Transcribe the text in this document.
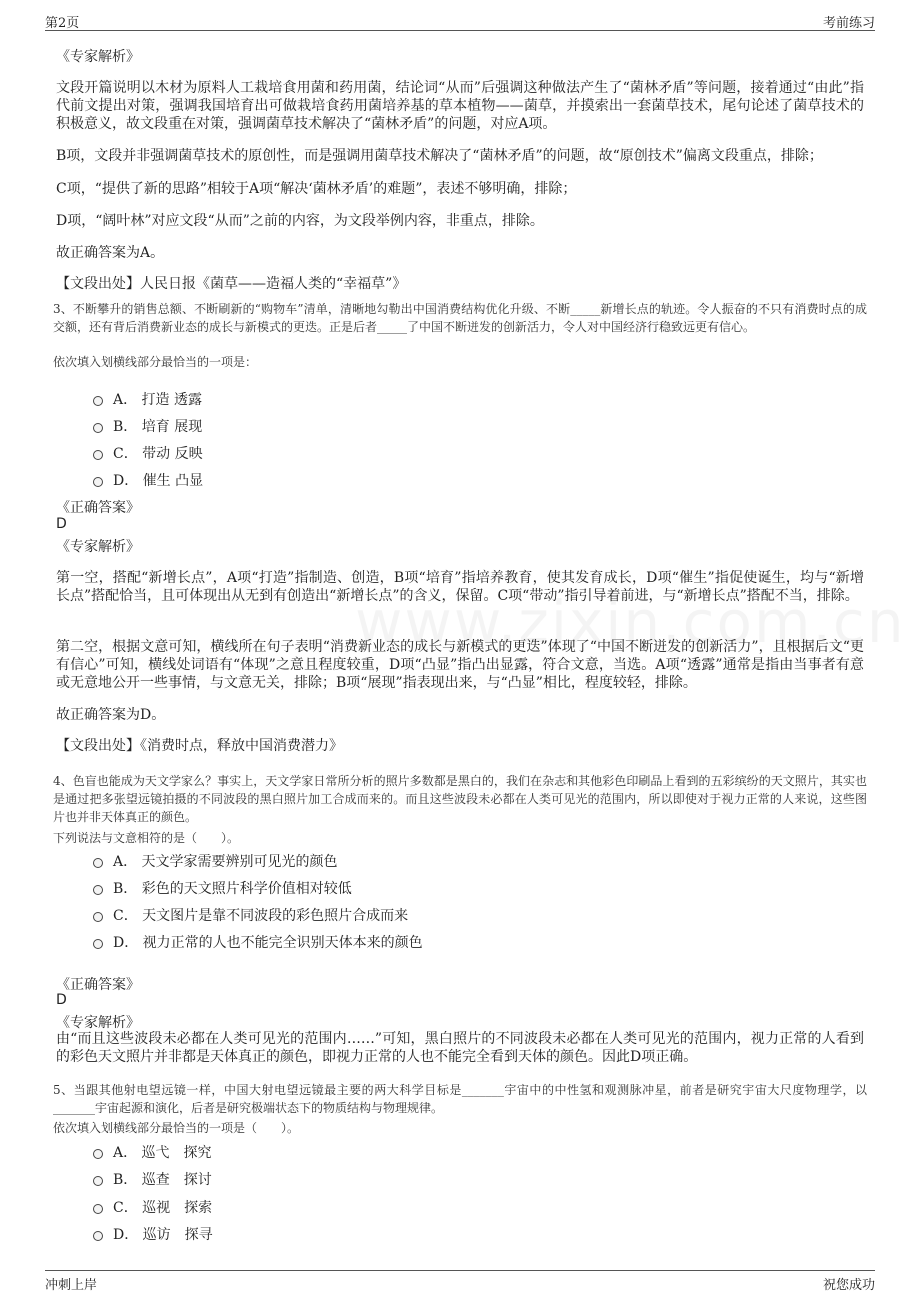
第2页	考前练习
《专家解析》
文段开篇说明以木材为原料人工栽培食用菌和药用菌，结论词“从而”后强调这种做法产生了“菌林矛盾”等问题，接着通过“由此”指代前文提出对策，强调我国培育出可做栽培食药用菌培养基的草本植物——菌草，并摸索出一套菌草技术，尾句论述了菌草技术的积极意义，故文段重在对策，强调菌草技术解决了“菌林矛盾”的问题，对应A项。
B项，文段并非强调菌草技术的原创性，而是强调用菌草技术解决了“菌林矛盾”的问题，故“原创技术”偏离文段重点，排除；
C项，“提供了新的思路”相较于A项“解决‘菌林矛盾’的难题”，表述不够明确，排除；
D项，“阔叶林”对应文段“从而”之前的内容，为文段举例内容，非重点，排除。
故正确答案为A。
【文段出处】人民日报《菌草——造福人类的“幸福草”》
3、不断攀升的销售总额、不断刷新的“购物车”清单，清晰地勾勒出中国消费结构优化升级、不断_____新增长点的轨迹。令人振奋的不只有消费时点的成交额，还有背后消费新业态的成长与新模式的更迭。正是后者_____了中国不断迸发的创新活力，令人对中国经济行稳致远更有信心。
依次填入划横线部分最恰当的一项是：
A． 打造 透露
B． 培育 展现
C． 带动 反映
D． 催生 凸显
《正确答案》
D
《专家解析》
第一空，搭配“新增长点”，A项“打造”指制造、创造，B项“培育”指培养教育，使其发育成长，D项“催生”指促使诞生，均与“新增长点”搭配恰当，且可体现出从无到有创造出“新增长点”的含义，保留。C项“带动”指引导着前进，与“新增长点”搭配不当，排除。
第二空，根据文意可知，横线所在句子表明“消费新业态的成长与新模式的更迭”体现了“中国不断迸发的创新活力”，且根据后文“更有信心”可知，横线处词语有“体现”之意且程度较重，D项“凸显”指凸出显露，符合文意，当选。A项“透露”通常是指由当事者有意或无意地公开一些事情，与文意无关，排除；B项“展现”指表现出来，与“凸显”相比，程度较轻，排除。
故正确答案为D。
【文段出处】《消费时点，释放中国消费潜力》
4、色盲也能成为天文学家么？事实上，天文学家日常所分析的照片多数都是黑白的，我们在杂志和其他彩色印刷品上看到的五彩缤纷的天文照片，其实也是通过把多张望远镜拍摄的不同波段的黑白照片加工合成而来的。而且这些波段未必都在人类可见光的范围内，所以即使对于视力正常的人来说，这些图片也并非天体真正的颜色。
下列说法与文意相符的是（　　）。
A． 天文学家需要辨别可见光的颜色
B． 彩色的天文照片科学价值相对较低
C． 天文图片是靠不同波段的彩色照片合成而来
D． 视力正常的人也不能完全识别天体本来的颜色
《正确答案》
D
《专家解析》
由“而且这些波段未必都在人类可见光的范围内……”可知，黑白照片的不同波段未必都在人类可见光的范围内，视力正常的人看到的彩色天文照片并非都是天体真正的颜色，即视力正常的人也不能完全看到天体的颜色。因此D项正确。
5、当跟其他射电望远镜一样，中国大射电望远镜最主要的两大科学目标是_______宇宙中的中性氢和观测脉冲星，前者是研究宇宙大尺度物理学，以_______宇宙起源和演化，后者是研究极端状态下的物质结构与物理规律。
依次填入划横线部分最恰当的一项是（　　）。
A． 巡弋　探究
B． 巡查　探讨
C． 巡视　探索
D． 巡访　探寻
冲刺上岸	祝您成功
